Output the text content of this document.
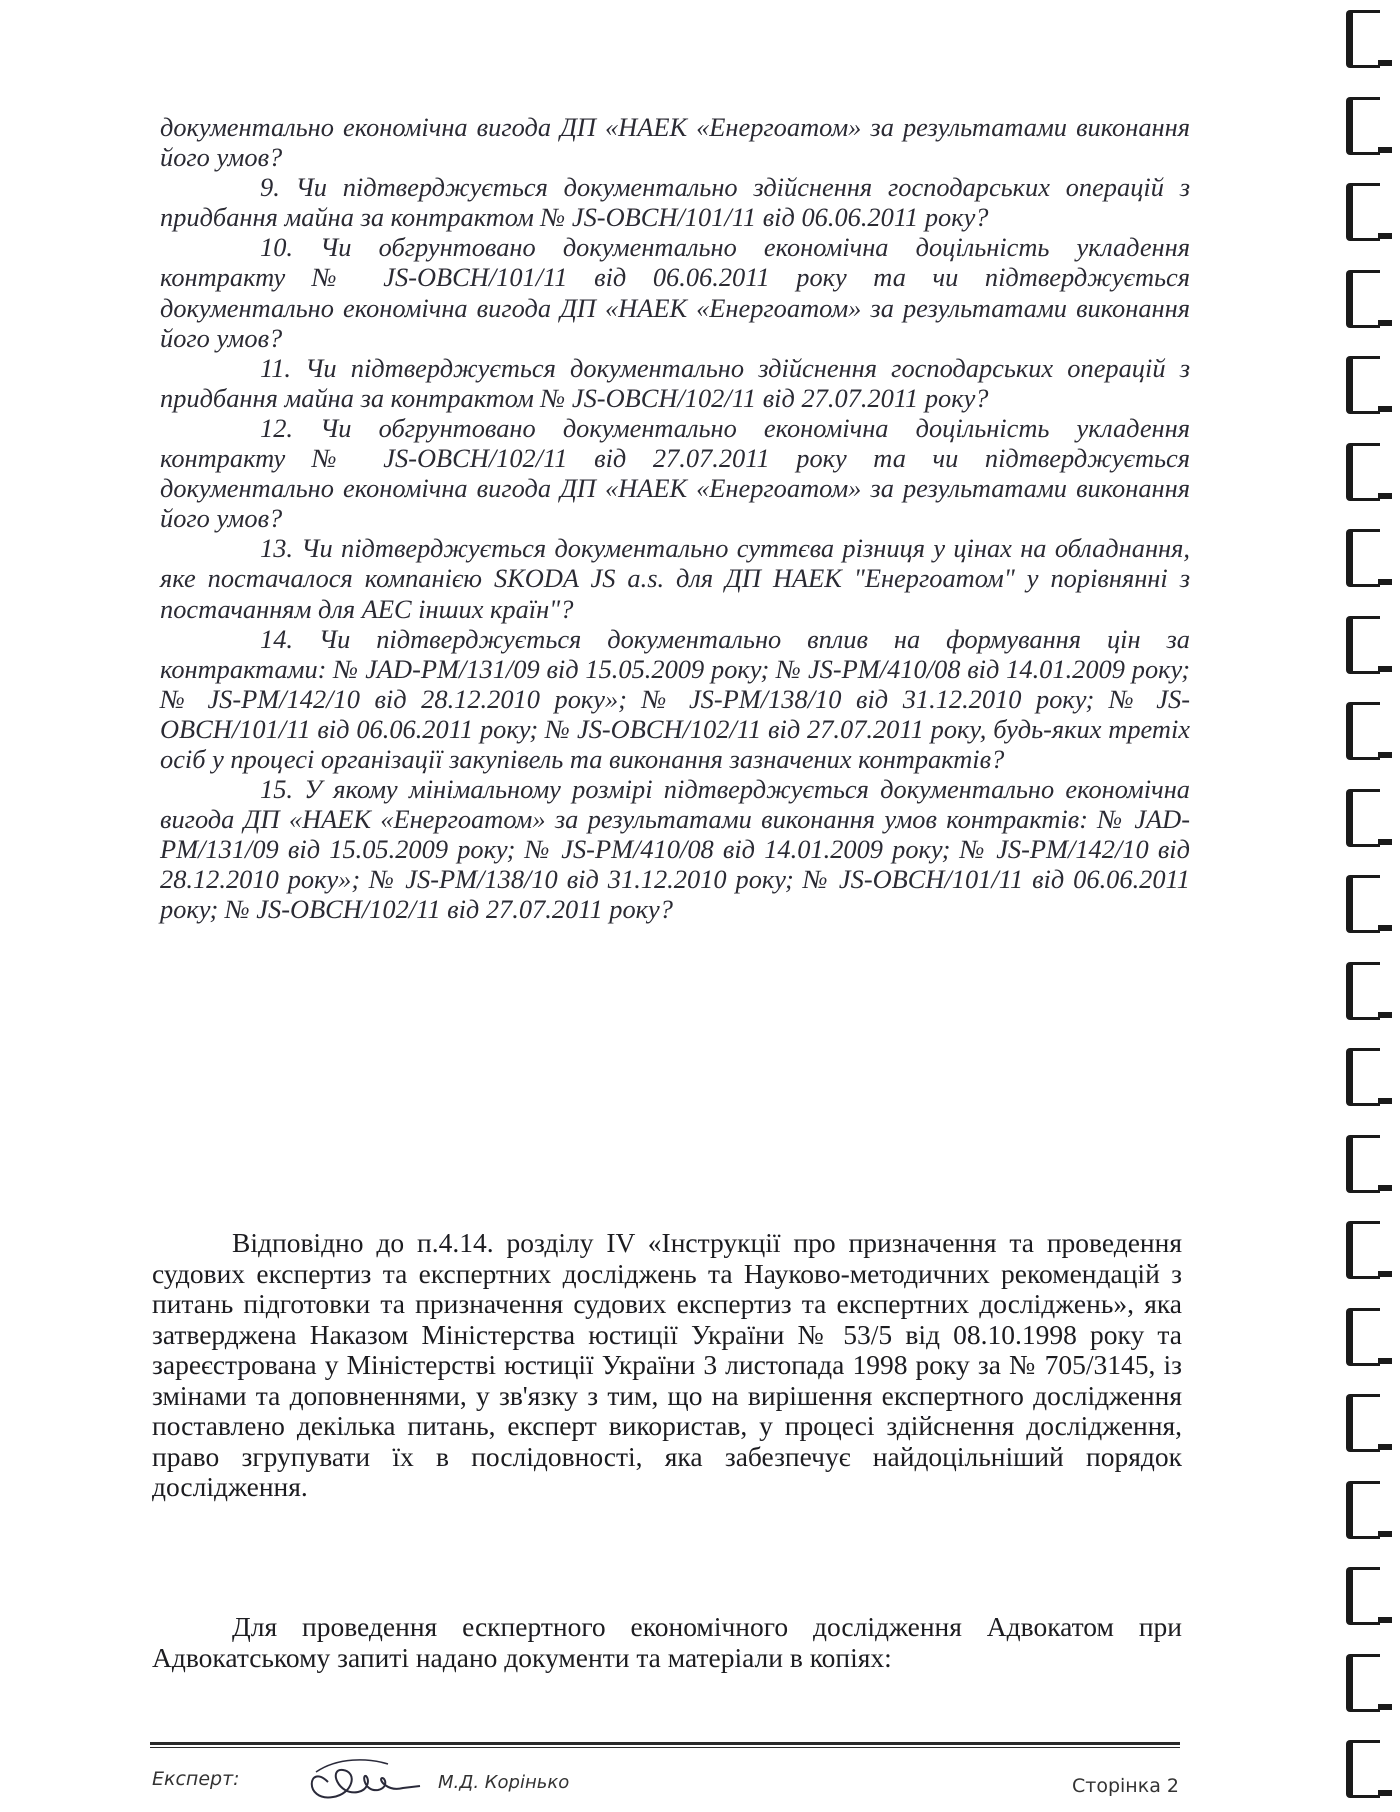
документально економічна вигода ДП «НАЕК «Енергоатом» за результатами виконання його умов?

9. Чи підтверджується документально здійснення господарських операцій з придбання майна за контрактом № JS-OBCH/101/11 від 06.06.2011 року?

10. Чи обгрунтовано документально економічна доцільність укладення контракту № JS-OBCH/101/11 від 06.06.2011 року та чи підтверджується документально економічна вигода ДП «НАЕК «Енергоатом» за результатами виконання його умов?

11. Чи підтверджується документально здійснення господарських операцій з придбання майна за контрактом № JS-OBCH/102/11 від 27.07.2011 року?

12. Чи обгрунтовано документально економічна доцільність укладення контракту № JS-OBCH/102/11 від 27.07.2011 року та чи підтверджується документально економічна вигода ДП «НАЕК «Енергоатом» за результатами виконання його умов?

13. Чи підтверджується документально суттєва різниця у цінах на обладнання, яке постачалося компанією SKODA JS a.s. для ДП НАЕК "Енергоатом" у порівнянні з постачанням для АЕС інших країн"?

14. Чи підтверджується документально вплив на формування цін за контрактами: № JAD-PM/131/09 від 15.05.2009 року; № JS-PM/410/08 від 14.01.2009 року; № JS-PM/142/10 від 28.12.2010 року»; № JS-PM/138/10 від 31.12.2010 року; № JS-OBCH/101/11 від 06.06.2011 року; № JS-OBCH/102/11 від 27.07.2011 року, будь-яких третіх осіб у процесі організації закупівель та виконання зазначених контрактів?

15. У якому мінімальному розмірі підтверджується документально економічна вигода ДП «НАЕК «Енергоатом» за результатами виконання умов контрактів: № JAD-PM/131/09 від 15.05.2009 року; № JS-PM/410/08 від 14.01.2009 року; № JS-PM/142/10 від 28.12.2010 року»; № JS-PM/138/10 від 31.12.2010 року; № JS-OBCH/101/11 від 06.06.2011 року; № JS-OBCH/102/11 від 27.07.2011 року?

Відповідно до п.4.14. розділу IV «Інструкції про призначення та проведення судових експертиз та експертних досліджень та Науково-методичних рекомендацій з питань підготовки та призначення судових експертиз та експертних досліджень», яка затверджена Наказом Міністерства юстиції України № 53/5 від 08.10.1998 року та зареєстрована у Міністерстві юстиції України 3 листопада 1998 року за № 705/3145, із змінами та доповненнями, у зв'язку з тим, що на вирішення експертного дослідження поставлено декілька питань, експерт використав, у процесі здійснення дослідження, право згрупувати їх в послідовності, яка забезпечує найдоцільніший порядок дослідження.

Для проведення ескпертного економічного дослідження Адвокатом при Адвокатському запиті надано документи та матеріали в копіях:

Експерт:	М.Д. Корінько	Сторінка 2
